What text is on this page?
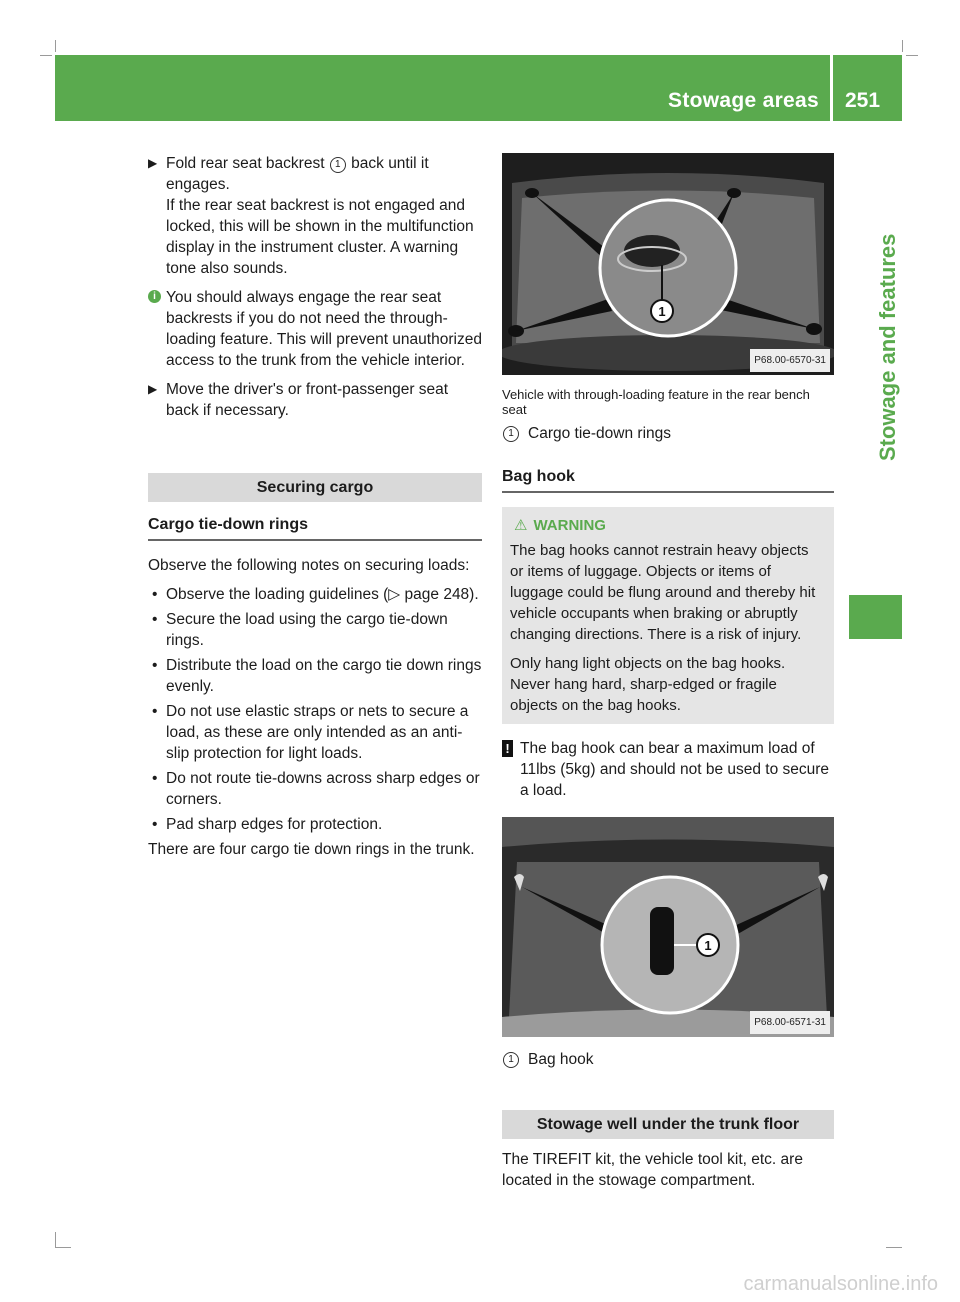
Stowage areas 251
Stowage and features
▶ Fold rear seat backrest 1 back until it engages.
If the rear seat backrest is not engaged and locked, this will be shown in the multifunction display in the instrument cluster. A warning tone also sounds.
i You should always engage the rear seat backrests if you do not need the through-loading feature. This will prevent unauthorized access to the trunk from the vehicle interior.
▶ Move the driver's or front-passenger seat back if necessary.
Securing cargo
Cargo tie-down rings

Observe the following notes on securing loads:

• Observe the loading guidelines (▷ page 248).
• Secure the load using the cargo tie-down rings.
• Distribute the load on the cargo tie down rings evenly.
• Do not use elastic straps or nets to secure a load, as these are only intended as an anti-slip protection for light loads.
• Do not route tie-downs across sharp edges or corners.
• Pad sharp edges for protection.

There are four cargo tie down rings in the trunk.

1
P68.00-6570-31
Vehicle with through-loading feature in the rear bench seat
1 Cargo tie-down rings
Bag hook
⚠ WARNING

The bag hooks cannot restrain heavy objects or items of luggage. Objects or items of luggage could be flung around and thereby hit vehicle occupants when braking or abruptly changing directions. There is a risk of injury.

Only hang light objects on the bag hooks. Never hang hard, sharp-edged or fragile objects on the bag hooks.

! The bag hook can bear a maximum load of 11lbs (5kg) and should not be used to secure a load.
1
P68.00-6571-31
1 Bag hook
Stowage well under the trunk floor

The TIREFIT kit, the vehicle tool kit, etc. are located in the stowage compartment.

carmanualsonline.info
